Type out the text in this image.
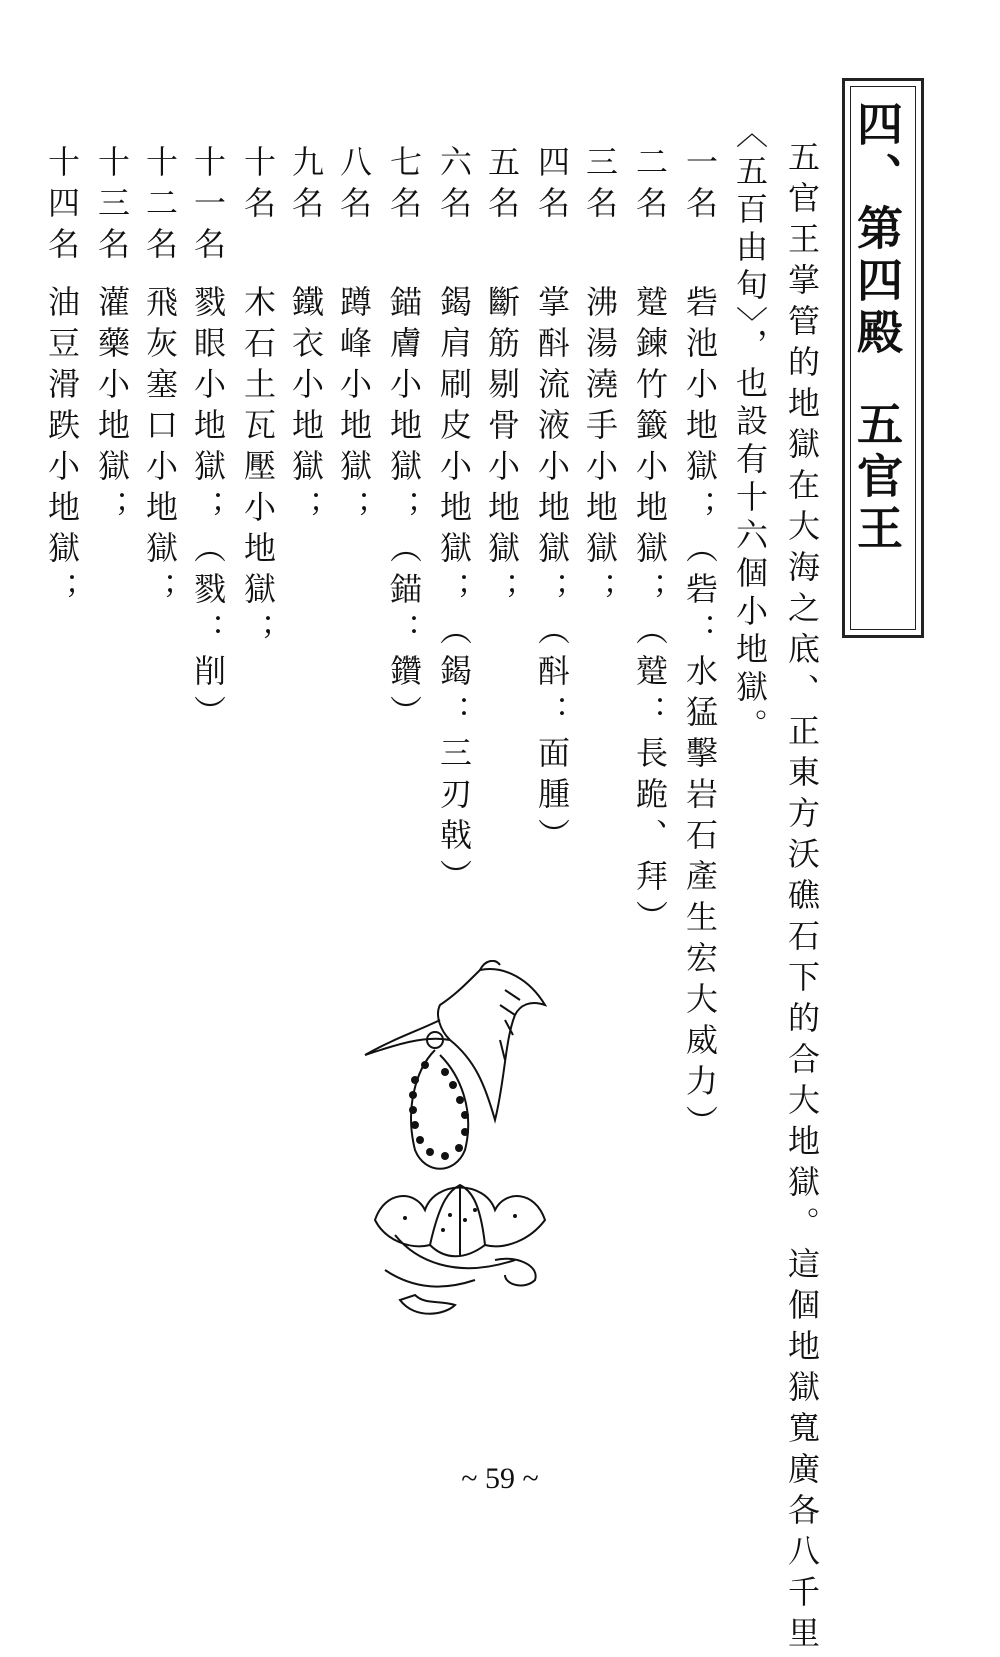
四、第四殿五官王
五官王掌管的地獄在大海之底、正東方沃礁石下的合大地獄。這個地獄寬廣各八千里
〈五百由旬〉，也設有十六個小地獄。
一名砦池小地獄；（砦：水猛擊岩石產生宏大威力）
二名蹵鍊竹籤小地獄；（蹵：長跪、拜）
三名沸湯澆手小地獄；
四名掌酙流液小地獄；（酙：面腫）
五名斷筋剔骨小地獄；
六名鍻肩刷皮小地獄；（鍻：三刃戟）
七名錨膚小地獄；（錨：鑽）
八名蹲峰小地獄；
九名鐵衣小地獄；
十名木石土瓦壓小地獄；
十一名戮眼小地獄；（戮：削）
十二名飛灰塞口小地獄；
十三名灌藥小地獄；
十四名油豆滑跌小地獄；
~ 59 ~
